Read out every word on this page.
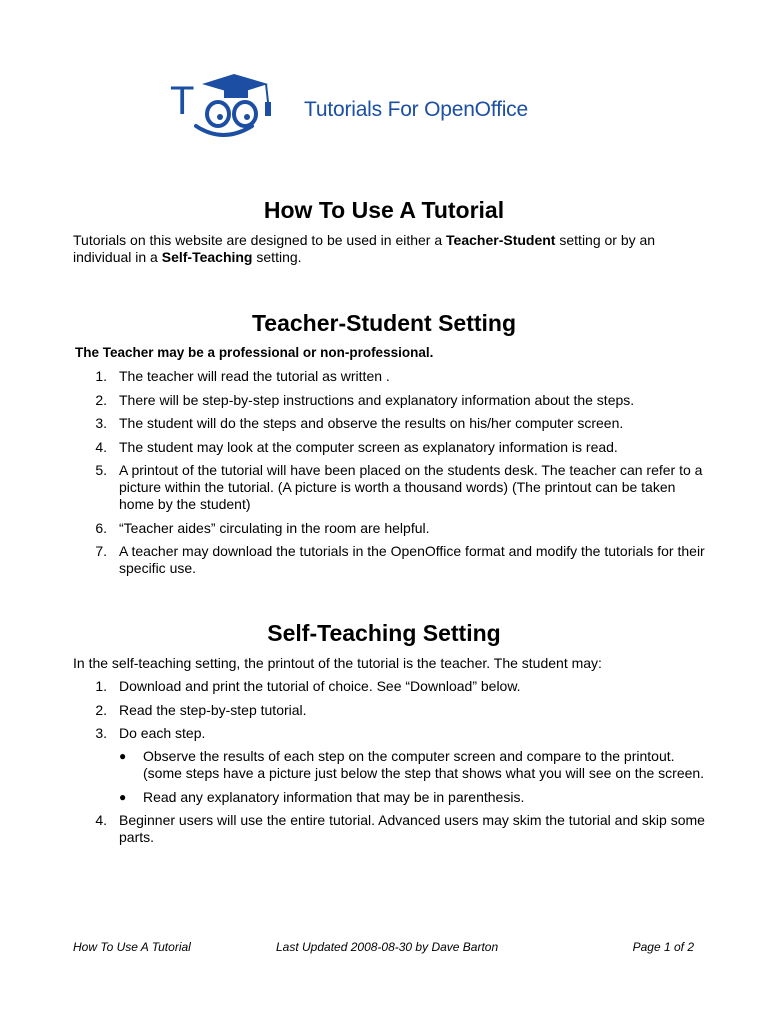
T	Tutorials For OpenOffice
How To Use A Tutorial

Tutorials on this website are designed to be used in either a Teacher-Student setting or by an individual in a Self-Teaching setting.

Teacher-Student Setting

The Teacher may be a professional or non-professional.

1. The teacher will read the tutorial as written .
2. There will be step-by-step instructions and explanatory information about the steps.
3. The student will do the steps and observe the results on his/her computer screen.
4. The student may look at the computer screen as explanatory information is read.
5. A printout of the tutorial will have been placed on the students desk. The teacher can refer to a picture within the tutorial. (A picture is worth a thousand words) (The printout can be taken home by the student)
6. “Teacher aides” circulating in the room are helpful.
7. A teacher may download the tutorials in the OpenOffice format and modify the tutorials for their specific use.
Self-Teaching Setting

In the self-teaching setting, the printout of the tutorial is the teacher. The student may:

1. Download and print the tutorial of choice. See “Download” below.
2. Read the step-by-step tutorial.
3. Do each step.
● Observe the results of each step on the computer screen and compare to the printout. (some steps have a picture just below the step that shows what you will see on the screen.
● Read any explanatory information that may be in parenthesis.
4. Beginner users will use the entire tutorial. Advanced users may skim the tutorial and skip some parts.
How To Use A Tutorial	Last Updated 2008-08-30 by Dave Barton	Page 1 of 2
